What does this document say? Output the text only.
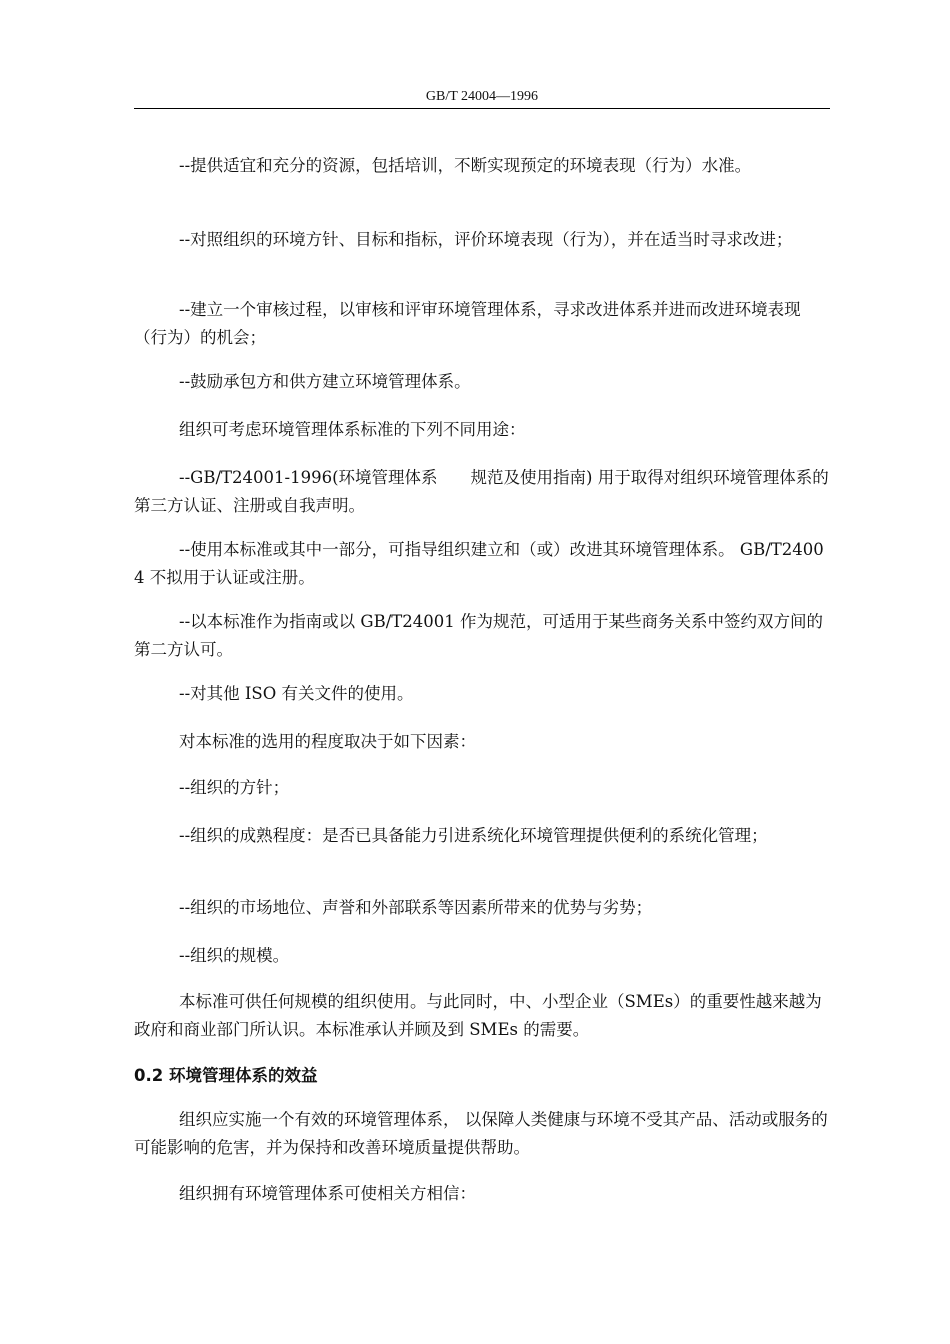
GB/T 24004—1996
--提供适宜和充分的资源，包括培训，不断实现预定的环境表现（行为）水准。
--对照组织的环境方针、目标和指标，评价环境表现（行为），并在适当时寻求改进；
--建立一个审核过程，以审核和评审环境管理体系，寻求改进体系并进而改进环境表现（行为）的机会；
--鼓励承包方和供方建立环境管理体系。
组织可考虑环境管理体系标准的下列不同用途：
--GB/T24001-1996(环境管理体系　　规范及使用指南) 用于取得对组织环境管理体系的第三方认证、注册或自我声明。
--使用本标准或其中一部分，可指导组织建立和（或）改进其环境管理体系。 GB/T24004 不拟用于认证或注册。
--以本标准作为指南或以 GB/T24001 作为规范，可适用于某些商务关系中签约双方间的第二方认可。
--对其他 ISO 有关文件的使用。
对本标准的选用的程度取决于如下因素：
--组织的方针；
--组织的成熟程度：是否已具备能力引进系统化环境管理提供便利的系统化管理；
--组织的市场地位、声誉和外部联系等因素所带来的优势与劣势；
--组织的规模。
本标准可供任何规模的组织使用。与此同时，中、小型企业（SMEs）的重要性越来越为政府和商业部门所认识。本标准承认并顾及到 SMEs 的需要。
0.2 环境管理体系的效益
组织应实施一个有效的环境管理体系， 以保障人类健康与环境不受其产品、活动或服务的可能影响的危害，并为保持和改善环境质量提供帮助。
组织拥有环境管理体系可使相关方相信：
